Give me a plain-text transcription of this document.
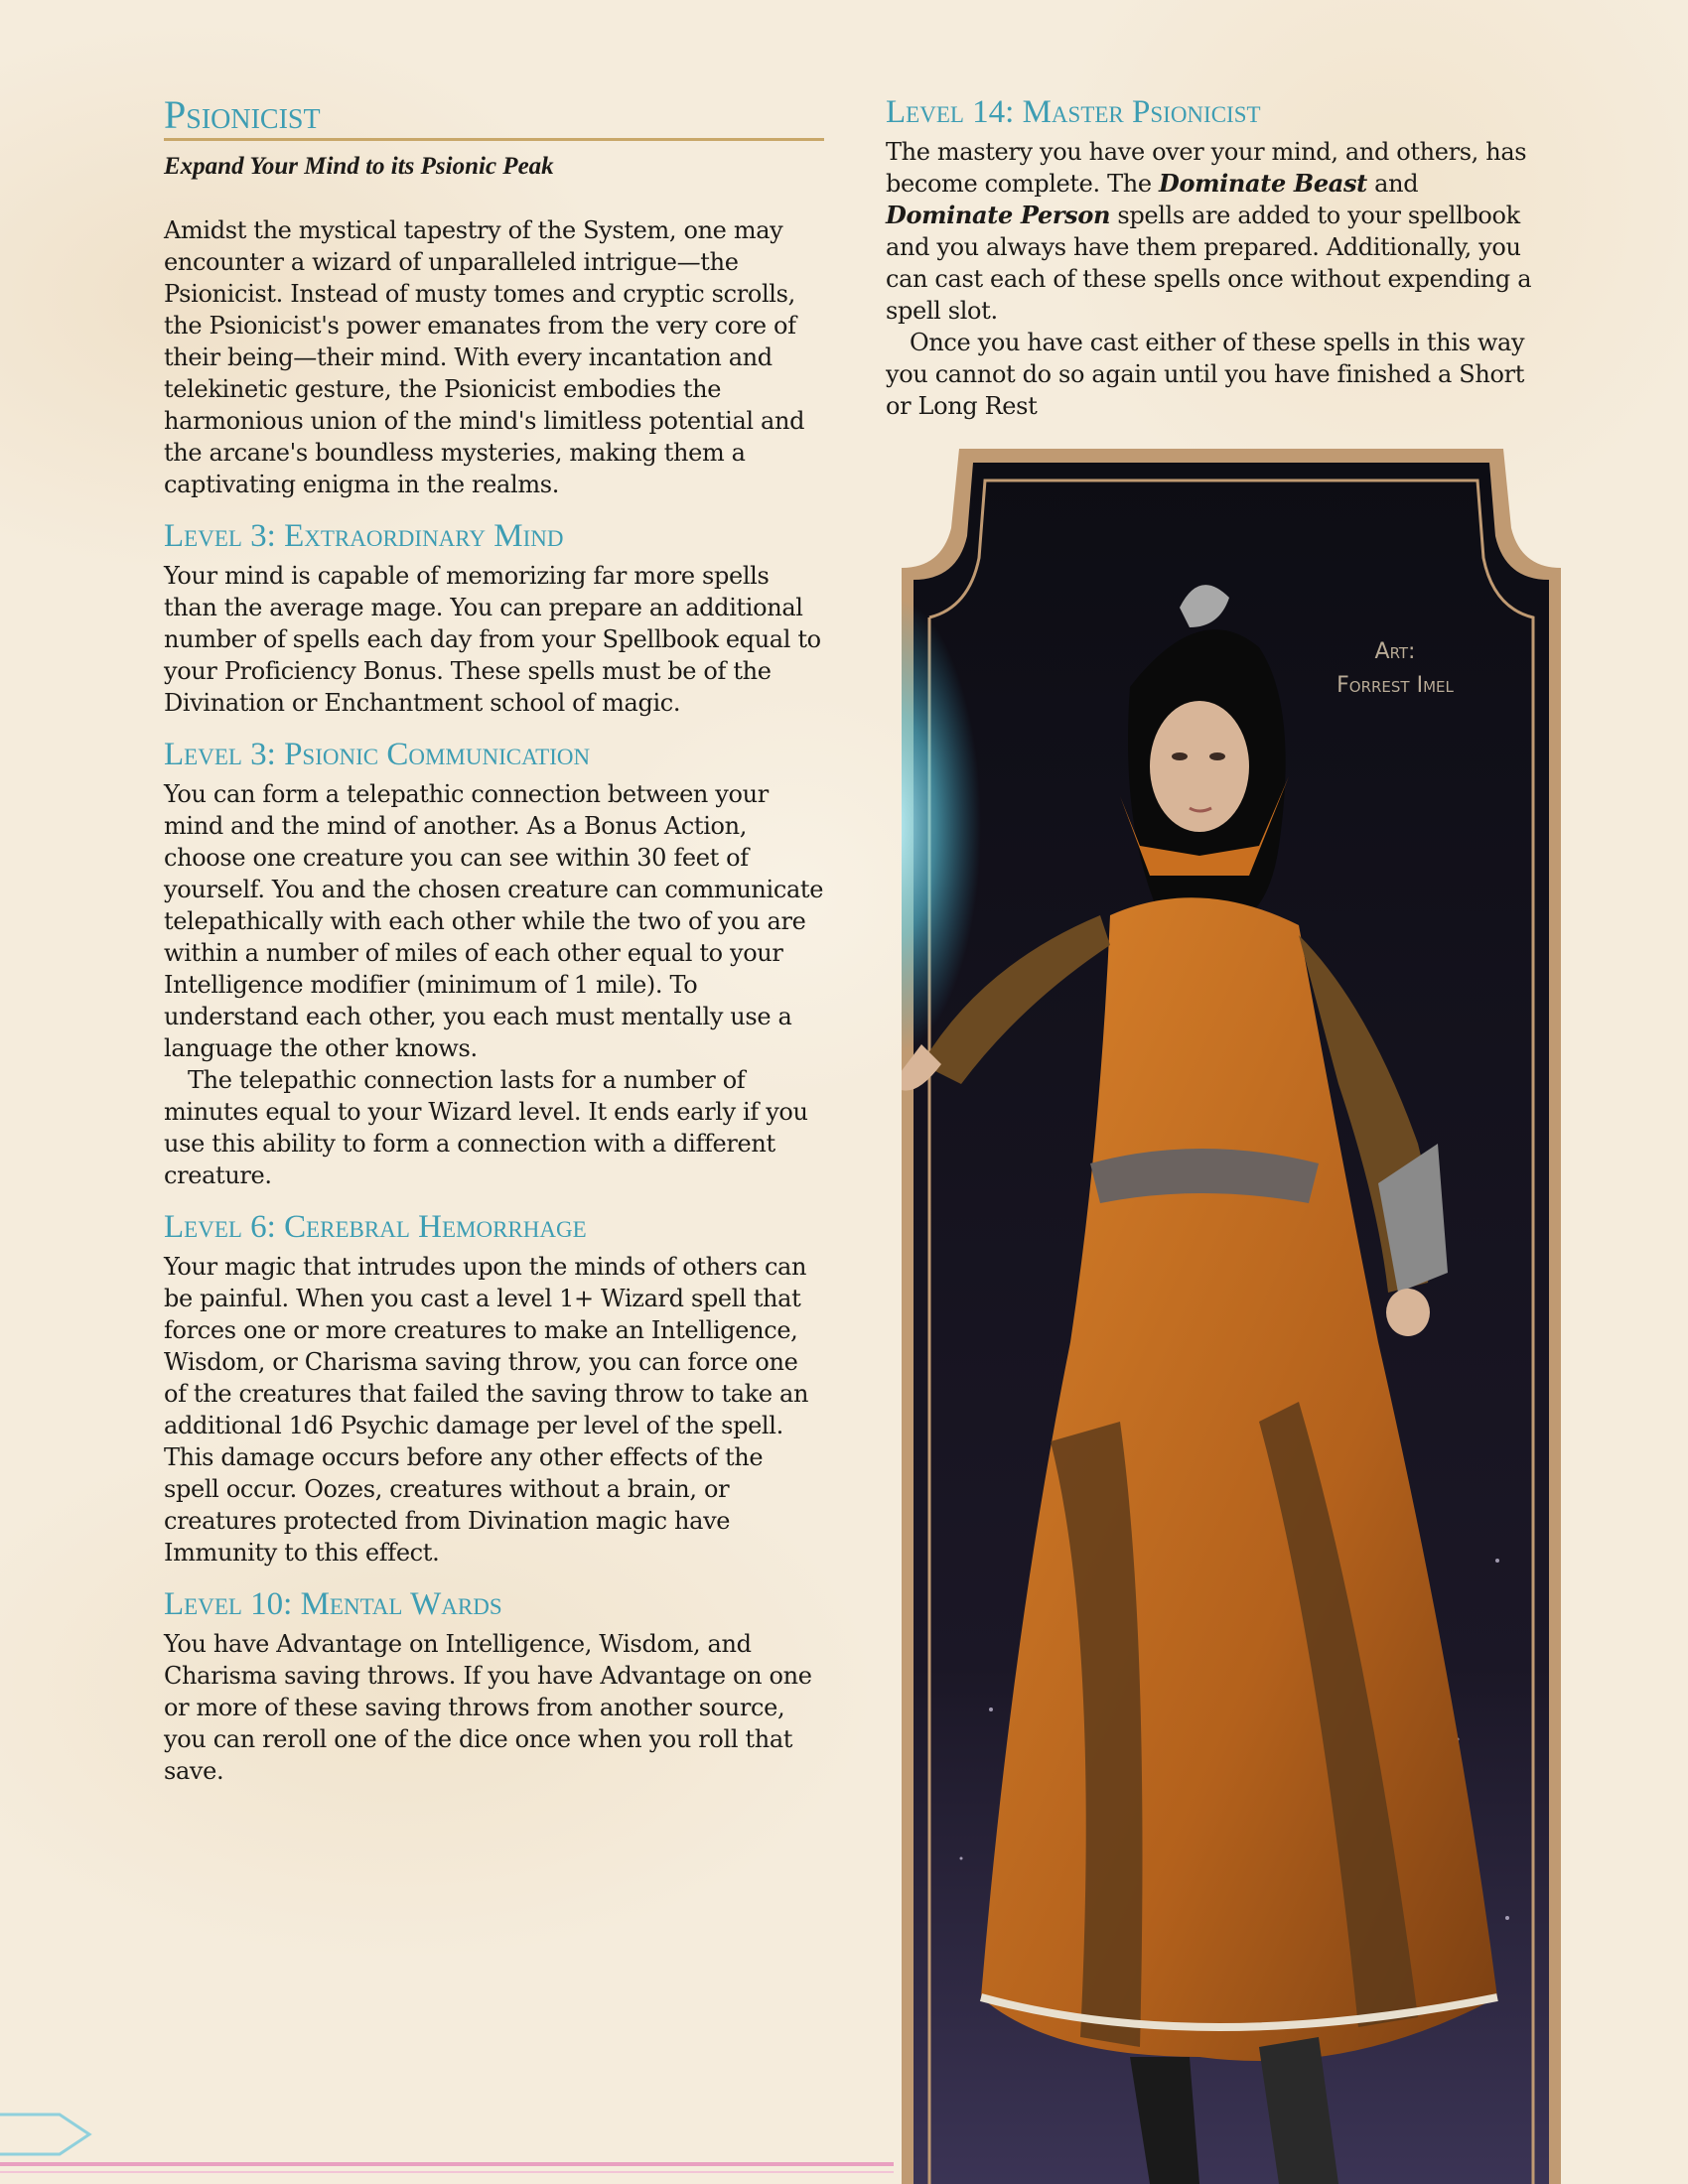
Psionicist
Expand Your Mind to its Psionic Peak

Amidst the mystical tapestry of the System, one may encounter a wizard of unparalleled intrigue—the Psionicist. Instead of musty tomes and cryptic scrolls, the Psionicist's power emanates from the very core of their being—their mind. With every incantation and telekinetic gesture, the Psionicist embodies the harmonious union of the mind's limitless potential and the arcane's boundless mysteries, making them a captivating enigma in the realms.

Level 3: Extraordinary Mind

Your mind is capable of memorizing far more spells than the average mage. You can prepare an additional number of spells each day from your Spellbook equal to your Proficiency Bonus. These spells must be of the Divination or Enchantment school of magic.

Level 3: Psionic Communication

You can form a telepathic connection between your mind and the mind of another. As a Bonus Action, choose one creature you can see within 30 feet of yourself. You and the chosen creature can communicate telepathically with each other while the two of you are within a number of miles of each other equal to your Intelligence modifier (minimum of 1 mile). To understand each other, you each must mentally use a language the other knows.

The telepathic connection lasts for a number of minutes equal to your Wizard level. It ends early if you use this ability to form a connection with a different creature.

Level 6: Cerebral Hemorrhage

Your magic that intrudes upon the minds of others can be painful. When you cast a level 1+ Wizard spell that forces one or more creatures to make an Intelligence, Wisdom, or Charisma saving throw, you can force one of the creatures that failed the saving throw to take an additional 1d6 Psychic damage per level of the spell. This damage occurs before any other effects of the spell occur. Oozes, creatures without a brain, or creatures protected from Divination magic have Immunity to this effect.

Level 10: Mental Wards

You have Advantage on Intelligence, Wisdom, and Charisma saving throws. If you have Advantage on one or more of these saving throws from another source, you can reroll one of the dice once when you roll that save.

Level 14: Master Psionicist

The mastery you have over your mind, and others, has become complete. The Dominate Beast and Dominate Person spells are added to your spellbook and you always have them prepared. Additionally, you can cast each of these spells once without expending a spell slot.

Once you have cast either of these spells in this way you cannot do so again until you have finished a Short or Long Rest

Art:
Forrest Imel
